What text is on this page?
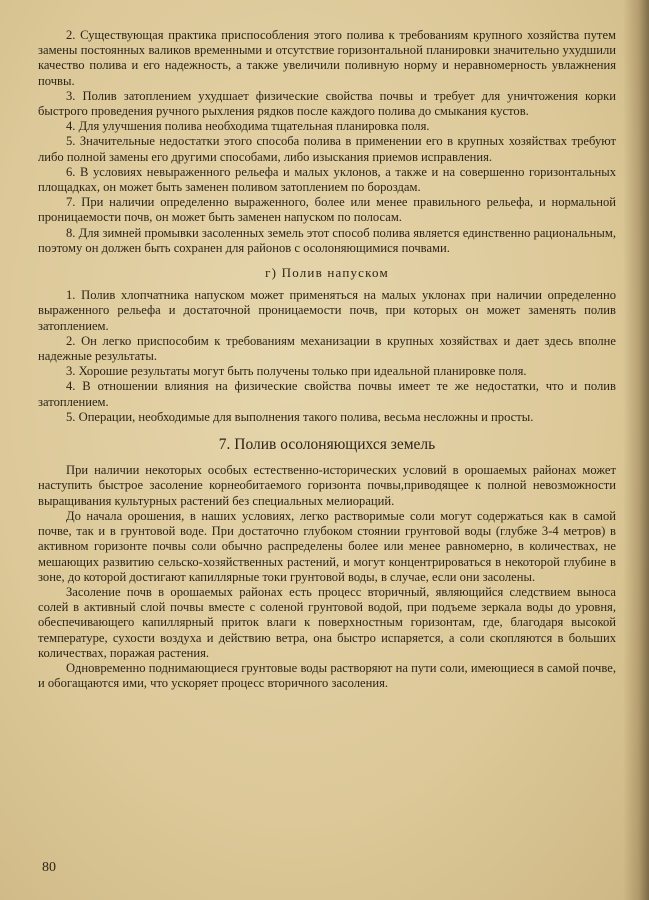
2. Существующая практика приспособления этого полива к требованиям крупного хозяйства путем замены постоянных валиков временными и отсутствие горизонтальной планировки значительно ухудшили качество полива и его надежность, а также увеличили поливную норму и неравномерность увлажнения почвы.

3. Полив затоплением ухудшает физические свойства почвы и требует для уничтожения корки быстрого проведения ручного рыхления рядков после каждого полива до смыкания кустов.

4. Для улучшения полива необходима тщательная планировка поля.

5. Значительные недостатки этого способа полива в применении его в крупных хозяйствах требуют либо полной замены его другими способами, либо изыскания приемов исправления.

6. В условиях невыраженного рельефа и малых уклонов, а также и на совершенно горизонтальных площадках, он может быть заменен поливом затоплением по бороздам.

7. При наличии определенно выраженного, более или менее правильного рельефа, и нормальной проницаемости почв, он может быть заменен напуском по полосам.

8. Для зимней промывки засоленных земель этот способ полива является единственно рациональным, поэтому он должен быть сохранен для районов с осолоняющимися почвами.

г) Полив напуском

1. Полив хлопчатника напуском может применяться на малых уклонах при наличии определенно выраженного рельефа и достаточной проницаемости почв, при которых он может заменять полив затоплением.

2. Он легко приспособим к требованиям механизации в крупных хозяйствах и дает здесь вполне надежные результаты.

3. Хорошие результаты могут быть получены только при идеальной планировке поля.

4. В отношении влияния на физические свойства почвы имеет те же недостатки, что и полив затоплением.

5. Операции, необходимые для выполнения такого полива, весьма несложны и просты.

7. Полив осолоняющихся земель

При наличии некоторых особых естественно-исторических условий в орошаемых районах может наступить быстрое засоление корнеобитаемого горизонта почвы,приводящее к полной невозможности выращивания культурных растений без специальных мелиораций.

До начала орошения, в наших условиях, легко растворимые соли могут содержаться как в самой почве, так и в грунтовой воде. При достаточно глубоком стоянии грунтовой воды (глубже 3-4 метров) в активном горизонте почвы соли обычно распределены более или менее равномерно, в количествах, не мешающих развитию сельско-хозяйственных растений, и могут концентрироваться в некоторой глубине в зоне, до которой достигают капиллярные токи грунтовой воды, в случае, если они засолены.

Засоление почв в орошаемых районах есть процесс вторичный, являющийся следствием выноса солей в активный слой почвы вместе с соленой грунтовой водой, при подъеме зеркала воды до уровня, обеспечивающего капиллярный приток влаги к поверхностным горизонтам, где, благодаря высокой температуре, сухости воздуха и действию ветра, она быстро испаряется, а соли скопляются в больших количествах, поражая растения.

Одновременно поднимающиеся грунтовые воды растворяют на пути соли, имеющиеся в самой почве, и обогащаются ими, что ускоряет процесс вторичного засоления.

80
